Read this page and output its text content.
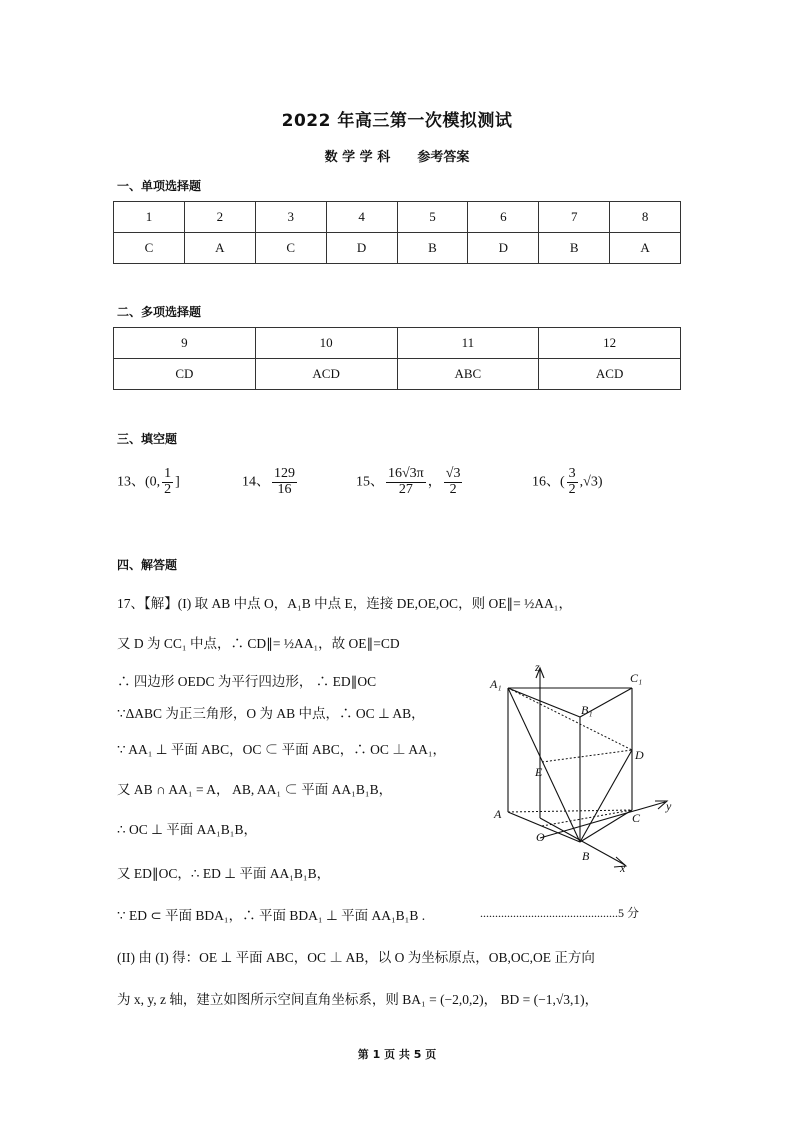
2022 年高三第一次模拟测试
数 学 学 科      参考答案
一、单项选择题
1	2	3	4	5	6	7	8
C	A	C	D	B	D	B	A
二、多项选择题
9	10	11	12
CD	ACD	ABC	ACD
三、填空题
13、(0, $\frac{1}{2}$ ]	14、 $\frac{129}{16}$	15、 $\frac{16√3\pi}{27}$ ， $\frac{√3}{2}$	16、( $\frac{3}{2} ,√3$)
四、解答题
17、【解】(I) 取 AB 中点 O，A₁B 中点 E，连接 DE,OE,OC，则 OE∥= ½AA₁，
又 D 为 CC₁ 中点，∴ CD∥= ½AA₁，故 OE∥=CD
∴ 四边形 OEDC 为平行四边形， ∴ ED∥OC
∵ΔABC 为正三角形，O 为 AB 中点，∴ OC ⊥ AB，
∵ AA₁ ⊥ 平面 ABC，OC ⊂ 平面 ABC，∴ OC ⊥ AA₁，
又 AB ∩ AA₁ = A， AB, AA₁ ⊂ 平面 AA₁B₁B，
∴ OC ⊥ 平面 AA₁B₁B，
又 ED∥OC，∴ ED ⊥ 平面 AA₁B₁B，
∵ ED ⊂ 平面 BDA₁，∴ 平面 BDA₁ ⊥ 平面 AA₁B₁B .	..............................................5 分
(II) 由 (I) 得：OE ⊥ 平面 ABC，OC ⊥ AB，以 O 为坐标原点，OB,OC,OE 正方向
为 x, y, z 轴，建立如图所示空间直角坐标系，则 BA₁ = (−2,0,2)， BD = (−1,√3,1)，
z
y
x
A₁
B₁
C₁
A
B
C
D
E
O
第 1 页 共 5 页
